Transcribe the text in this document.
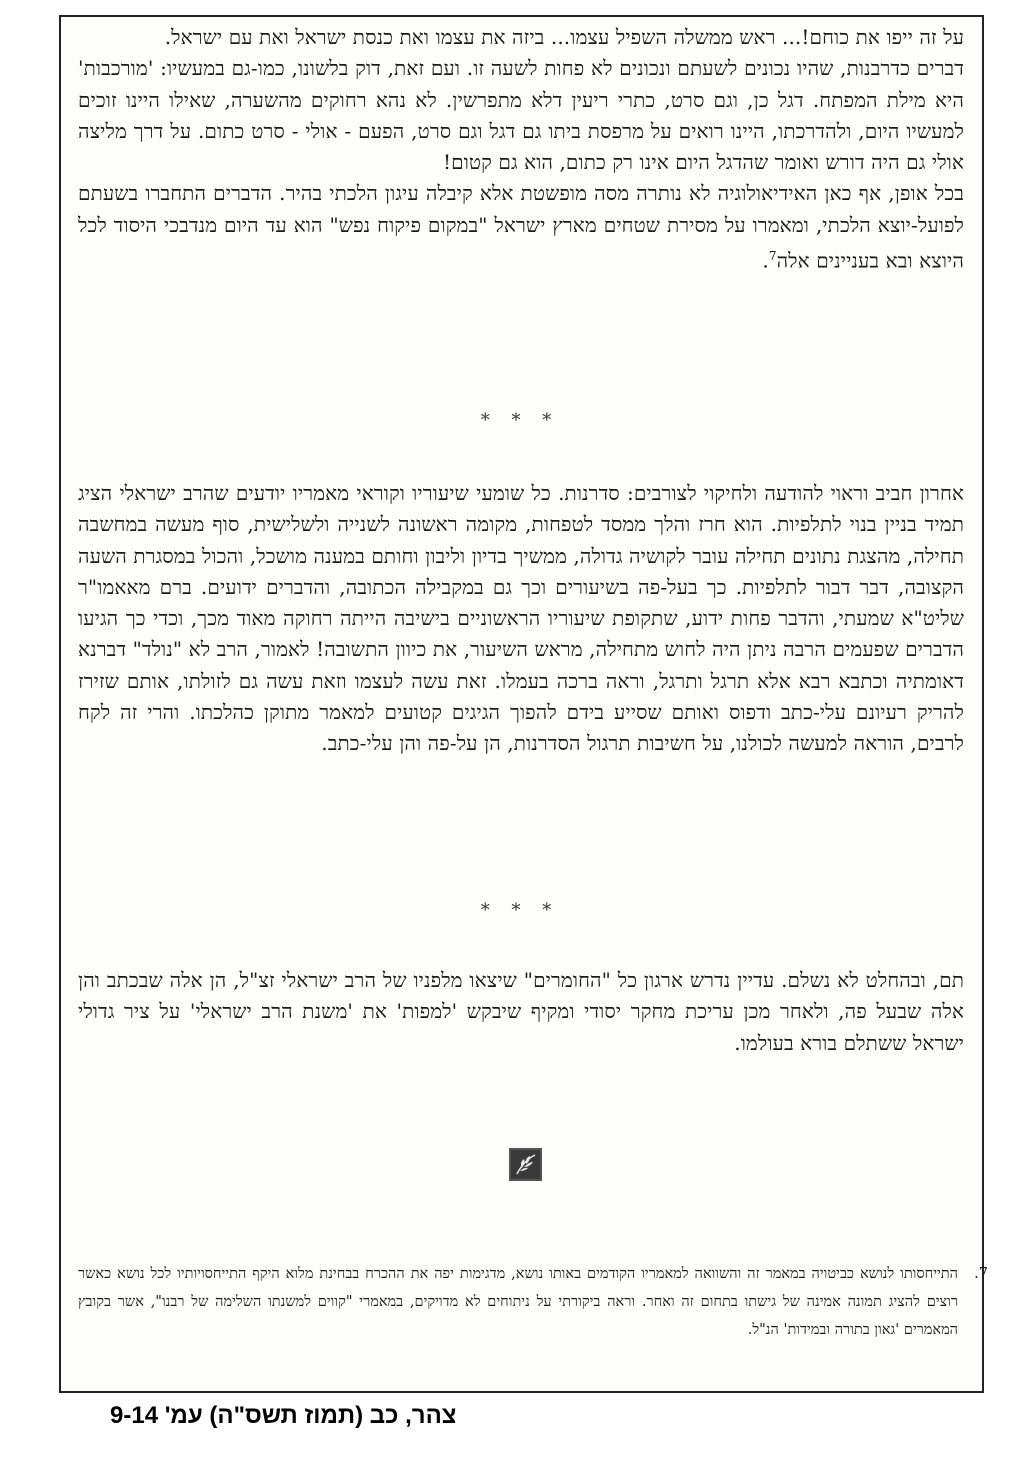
על זה ייפו את כוחם!... ראש ממשלה השפיל עצמו... ביזה את עצמו ואת כנסת ישראל ואת עם ישראל.

דברים כדרבנות, שהיו נכונים לשעתם ונכונים לא פחות לשעה זו. ועם זאת, דוק בלשונו, כמו-גם במעשיו: 'מורכבות' היא מילת המפתח. דגל כן, וגם סרט, כתרי ריעין דלא מתפרשין. לא נהא רחוקים מהשערה, שאילו היינו זוכים למעשיו היום, ולהדרכתו, היינו רואים על מרפסת ביתו גם דגל וגם סרט, הפעם - אולי - סרט כתום. על דרך מליצה אולי גם היה דורש ואומר שהדגל היום אינו רק כתום, הוא גם קטום!

בכל אופן, אף כאן האידיאולוגיה לא נותרה מסה מופשטת אלא קיבלה עיגון הלכתי בהיר. הדברים התחברו בשעתם לפועל-יוצא הלכתי, ומאמרו על מסירת שטחים מארץ ישראל "במקום פיקוח נפש" הוא עד היום מנדבכי היסוד לכל היוצא ובא בעניינים אלה$^7$.

* * *

אחרון חביב וראוי להודעה ולחיקוי לצורבים: סדרנות. כל שומעי שיעוריו וקוראי מאמריו יודעים שהרב ישראלי הציג תמיד בניין בנוי לתלפיות. הוא חרז והלך ממסד לטפחות, מקומה ראשונה לשנייה ולשלישית, סוף מעשה במחשבה תחילה, מהצגת נתונים תחילה עובר לקושיה גדולה, ממשיך בדיון וליבון וחותם במענה מושכל, והכול במסגרת השעה הקצובה, דבר דבור לתלפיות. כך בעל-פה בשיעורים וכך גם במקבילה הכתובה, והדברים ידועים. ברם מאאמו"ר שליט"א שמעתי, והדבר פחות ידוע, שתקופת שיעוריו הראשוניים בישיבה הייתה רחוקה מאוד מכך, וכדי כך הגיעו הדברים שפעמים הרבה ניתן היה לחוש מתחילה, מראש השיעור, את כיוון התשובה! לאמור, הרב לא "נולד" דברנא דאומתיה וכתבא רבא אלא תרגל ותרגל, וראה ברכה בעמלו. זאת עשה לעצמו וזאת עשה גם לזולתו, אותם שזירז להריק רעיונם עלי-כתב ודפוס ואותם שסייע בידם להפוך הגיגים קטועים למאמר מתוקן כהלכתו. והרי זה לקח לרבים, הוראה למעשה לכולנו, על חשיבות תרגול הסדרנות, הן על-פה והן עלי-כתב.

* * *

תם, ובהחלט לא נשלם. עדיין נדרש ארגון כל "החומרים" שיצאו מלפניו של הרב ישראלי זצ"ל, הן אלה שבכתב והן אלה שבעל פה, ולאחר מכן עריכת מחקר יסודי ומקיף שיבקש 'למפות' את 'משנת הרב ישראלי' על ציר גדולי ישראל ששתלם בורא בעולמו.

7.

התייחסותו לנושא כביטויה במאמר זה והשוואה למאמריו הקודמים באותו נושא, מדגימות יפה את ההכרח בבחינת מלוא היקף התייחסויותיו לכל נושא כאשר רוצים להציג תמונה אמינה של גישתו בתחום זה ואחר. וראה ביקורתי על ניתוחים לא מדויקים, במאמרי "קווים למשנתו השלימה של רבנו", אשר בקובץ המאמרים 'גאון בתורה ובמידות' הנ"ל.

צהר, כב (תמוז תשס"ה) עמ' 9-14
